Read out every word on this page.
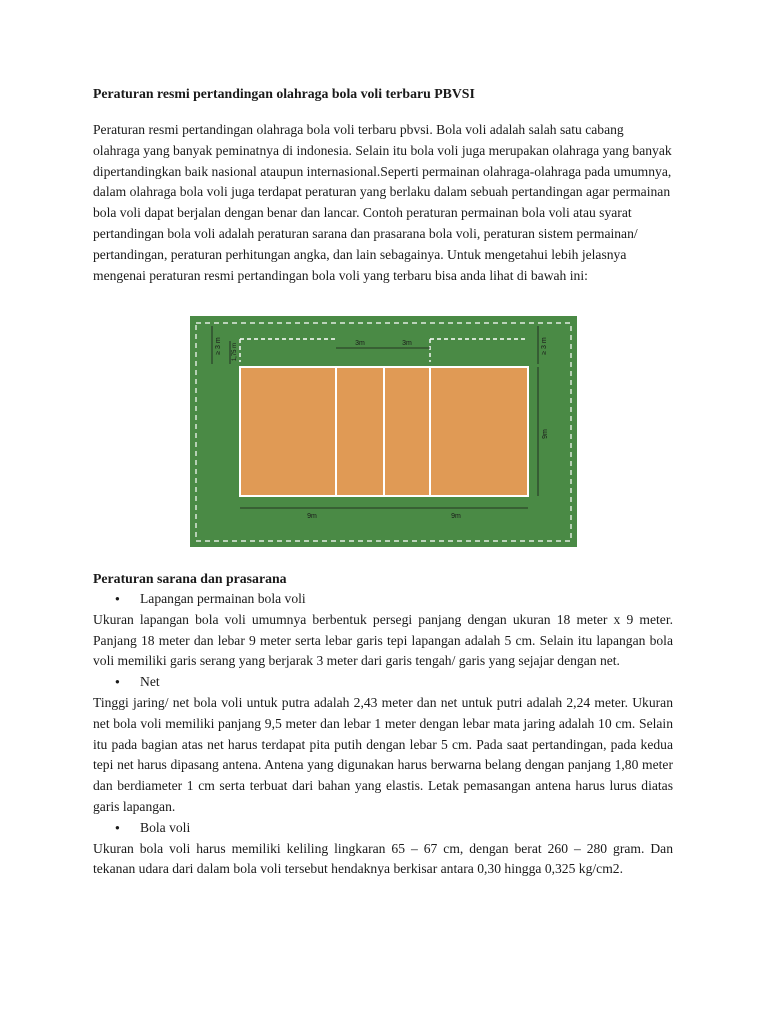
Peraturan resmi pertandingan olahraga bola voli terbaru PBVSI

Peraturan resmi pertandingan olahraga bola voli terbaru pbvsi. Bola voli adalah salah satu cabang olahraga yang banyak peminatnya di indonesia. Selain itu bola voli juga merupakan olahraga yang banyak dipertandingkan baik nasional ataupun internasional.Seperti permainan olahraga-olahraga pada umumnya, dalam olahraga bola voli juga terdapat peraturan yang berlaku dalam sebuah pertandingan agar permainan bola voli dapat berjalan dengan benar dan lancar. Contoh peraturan permainan bola voli atau syarat pertandingan bola voli adalah peraturan sarana dan prasarana bola voli, peraturan sistem permainan/ pertandingan, peraturan perhitungan angka, dan lain sebagainya. Untuk mengetahui lebih jelasnya mengenai peraturan resmi pertandingan bola voli yang terbaru bisa anda lihat di bawah ini:

3m	3m
9m	9m
9m
≥ 3 m 1,75 m	≥ 3 m
Peraturan sarana dan prasarana
●	Lapangan permainan bola voli

Ukuran lapangan bola voli umumnya berbentuk persegi panjang dengan ukuran 18 meter x 9 meter. Panjang 18 meter dan lebar 9 meter serta lebar garis tepi lapangan adalah 5 cm. Selain itu lapangan bola voli memiliki garis serang yang berjarak 3 meter dari garis tengah/ garis yang sejajar dengan net.

●	Net

Tinggi jaring/ net bola voli untuk putra adalah 2,43 meter dan net untuk putri adalah 2,24 meter. Ukuran net bola voli memiliki panjang 9,5 meter dan lebar 1 meter dengan lebar mata jaring adalah 10 cm. Selain itu pada bagian atas net harus terdapat pita putih dengan lebar 5 cm. Pada saat pertandingan, pada kedua tepi net harus dipasang antena. Antena yang digunakan harus berwarna belang dengan panjang 1,80 meter dan berdiameter 1 cm serta terbuat dari bahan yang elastis. Letak pemasangan antena harus lurus diatas garis lapangan.

●	Bola voli

Ukuran bola voli harus memiliki keliling lingkaran 65 – 67 cm, dengan berat 260 – 280 gram. Dan tekanan udara dari dalam bola voli tersebut hendaknya berkisar antara 0,30 hingga 0,325 kg/cm2.
